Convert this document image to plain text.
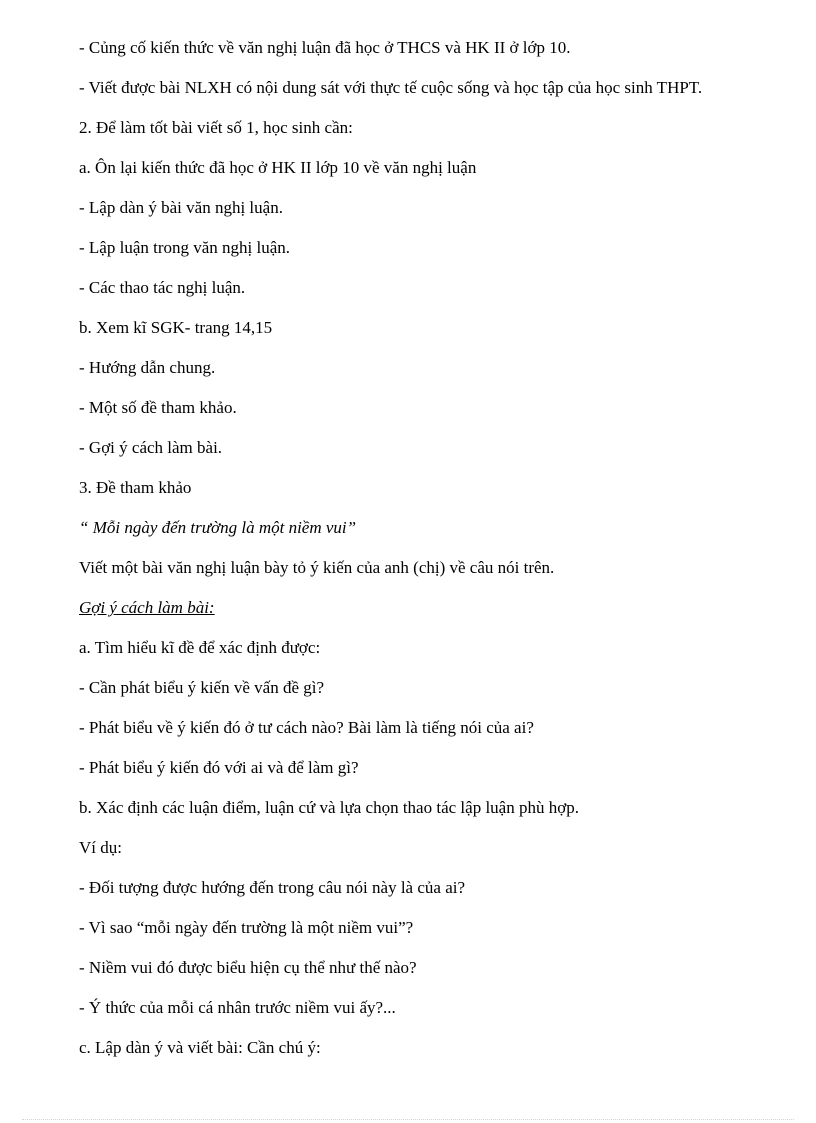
- Củng cố kiến thức về văn nghị luận đã học ở THCS và HK II ở lớp 10.

- Viết được bài NLXH có nội dung sát với thực tế cuộc sống và học tập của học sinh THPT.

2. Để làm tốt bài viết số 1, học sinh cần:

a. Ôn lại kiến thức đã học ở HK II lớp 10 về văn nghị luận

- Lập dàn ý bài văn nghị luận.

- Lập luận trong văn nghị luận.

- Các thao tác nghị luận.

b. Xem kĩ SGK- trang 14,15

- Hướng dẫn chung.

- Một số đề tham khảo.

- Gợi ý cách làm bài.

3. Đề tham khảo

“ Mỗi ngày đến trường là một niềm vui”

Viết một bài văn nghị luận bày tỏ ý kiến của anh (chị) về câu nói trên.

Gợi ý cách làm bài:

a. Tìm hiểu kĩ đề để xác định được:

- Cần phát biểu ý kiến về vấn đề gì?

- Phát biểu về ý kiến đó ở tư cách nào? Bài làm là tiếng nói của ai?

- Phát biểu ý kiến đó với ai và để làm gì?

b. Xác định các luận điểm, luận cứ và lựa chọn thao tác lập luận phù hợp.

Ví dụ:

- Đối tượng được hướng đến trong câu nói này là của ai?

- Vì sao “mỗi ngày đến trường là một niềm vui”?

- Niềm vui đó được biểu hiện cụ thể như thế nào?

- Ý thức của mỗi cá nhân trước niềm vui ấy?...

c. Lập dàn ý và viết bài: Cần chú ý:
